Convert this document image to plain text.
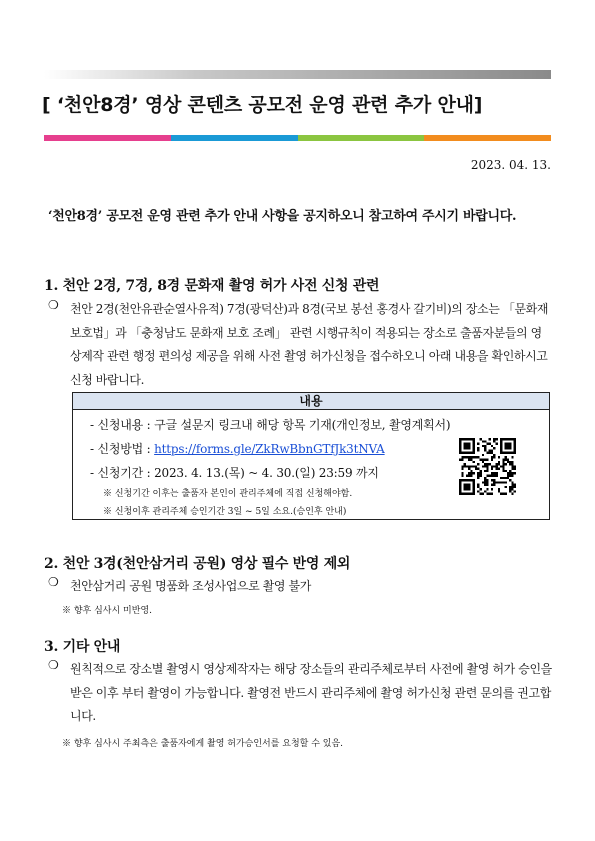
[ ‘천안8경’ 영상 콘텐츠 공모전 운영 관련 추가 안내]
2023. 04. 13.
‘천안8경’ 공모전 운영 관련 추가 안내 사항을 공지하오니 참고하여 주시기 바랍니다.
1. 천안 2경, 7경, 8경 문화재 촬영 허가 사전 신청 관련
❍ 천안 2경(천안유관순열사유적) 7경(광덕산)과 8경(국보 봉선 홍경사 갈기비)의 장소는 「문화재보호법」과 「충청남도 문화재 보호 조례」 관련 시행규칙이 적용되는 장소로 출품자분들의 영상제작 관련 행정 편의성 제공을 위해 사전 촬영 허가신청을 접수하오니 아래 내용을 확인하시고 신청 바랍니다.
내용
- 신청내용 : 구글 설문지 링크내 해당 항목 기재(개인정보, 촬영계획서)
- 신청방법 : https://forms.gle/ZkRwBbnGTfJk3tNVA
- 신청기간 : 2023. 4. 13.(목) ~ 4. 30.(일) 23:59 까지
※ 신청기간 이후는 출품자 본인이 관리주체에 직접 신청해야함.
※ 신청이후 관리주체 승인기간 3일 ~ 5일 소요.(승인후 안내)
2. 천안 3경(천안삼거리 공원) 영상 필수 반영 제외
❍ 천안삼거리 공원 명품화 조성사업으로 촬영 불가
※ 향후 심사시 미반영.
3. 기타 안내
❍ 원칙적으로 장소별 촬영시 영상제작자는 해당 장소들의 관리주체로부터 사전에 촬영 허가 승인을 받은 이후 부터 촬영이 가능합니다. 촬영전 반드시 관리주체에 촬영 허가신청 관련 문의를 권고합니다.
※ 향후 심사시 주최측은 출품자에게 촬영 허가승인서를 요청할 수 있음.
